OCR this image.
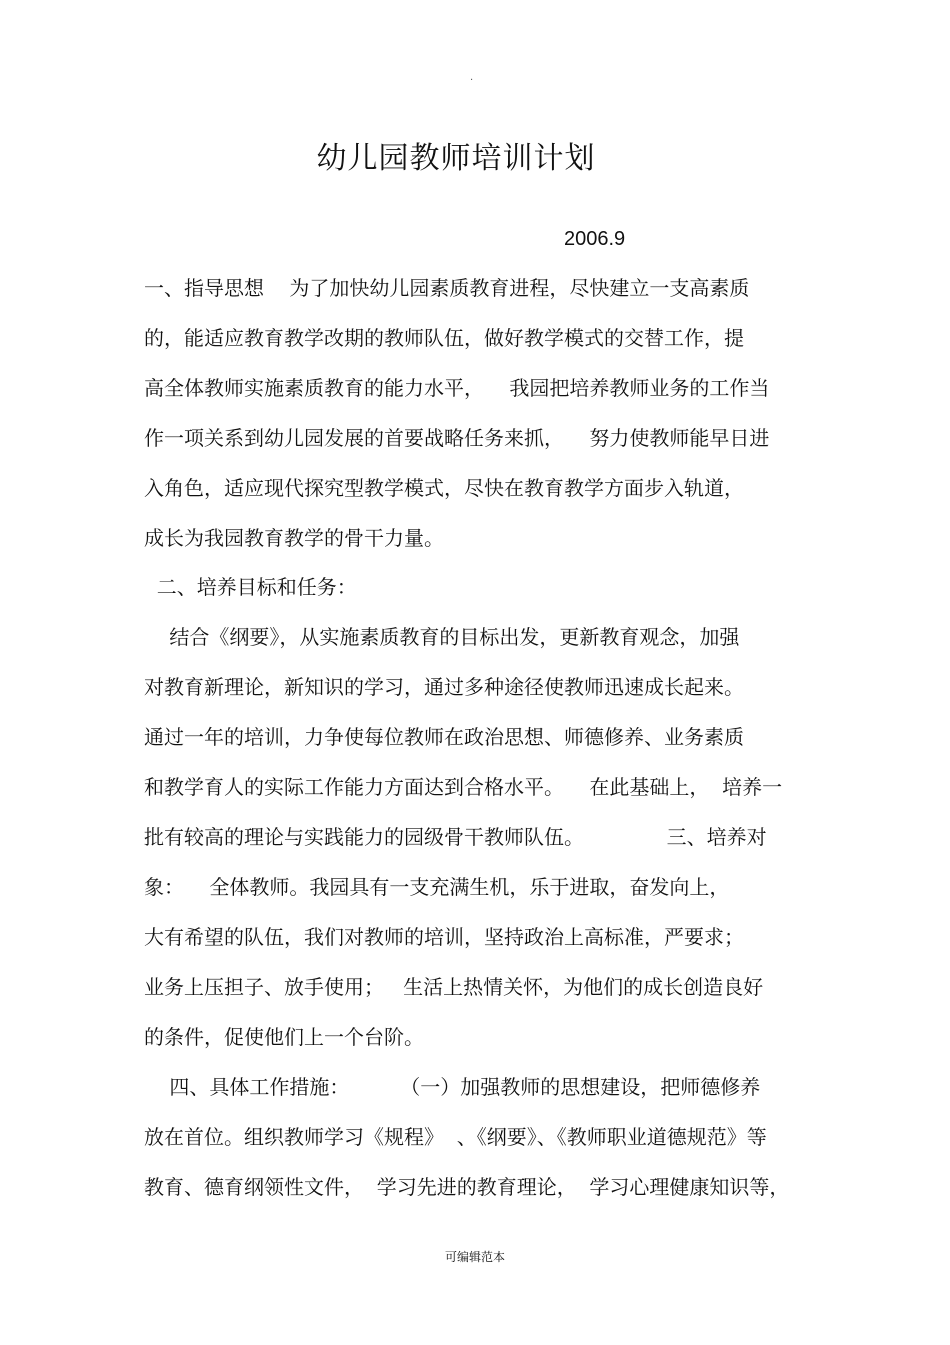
.
幼儿园教师培训计划
2006.9
一、指导思想    为了加快幼儿园素质教育进程，尽快建立一支高素质
的，能适应教育教学改期的教师队伍，做好教学模式的交替工作，提
高全体教师实施素质教育的能力水平，    我园把培养教师业务的工作当
作一项关系到幼儿园发展的首要战略任务来抓，    努力使教师能早日进
入角色，适应现代探究型教学模式，尽快在教育教学方面步入轨道，
成长为我园教育教学的骨干力量。
二、培养目标和任务：
结合《纲要》，从实施素质教育的目标出发，更新教育观念，加强
对教育新理论，新知识的学习，通过多种途径使教师迅速成长起来。
通过一年的培训，力争使每位教师在政治思想、师德修养、业务素质
和教学育人的实际工作能力方面达到合格水平。    在此基础上，  培养一
批有较高的理论与实践能力的园级骨干教师队伍。             三、培养对
象：    全体教师。我园具有一支充满生机，乐于进取，奋发向上，
大有希望的队伍，我们对教师的培训，坚持政治上高标准，严要求；
业务上压担子、放手使用；   生活上热情关怀，为他们的成长创造良好
的条件，促使他们上一个台阶。
四、具体工作措施：        （一）加强教师的思想建设，把师德修养
放在首位。组织教师学习《规程》  、《纲要》、《教师职业道德规范》等
教育、德育纲领性文件，  学习先进的教育理论，  学习心理健康知识等，
可编辑范本
